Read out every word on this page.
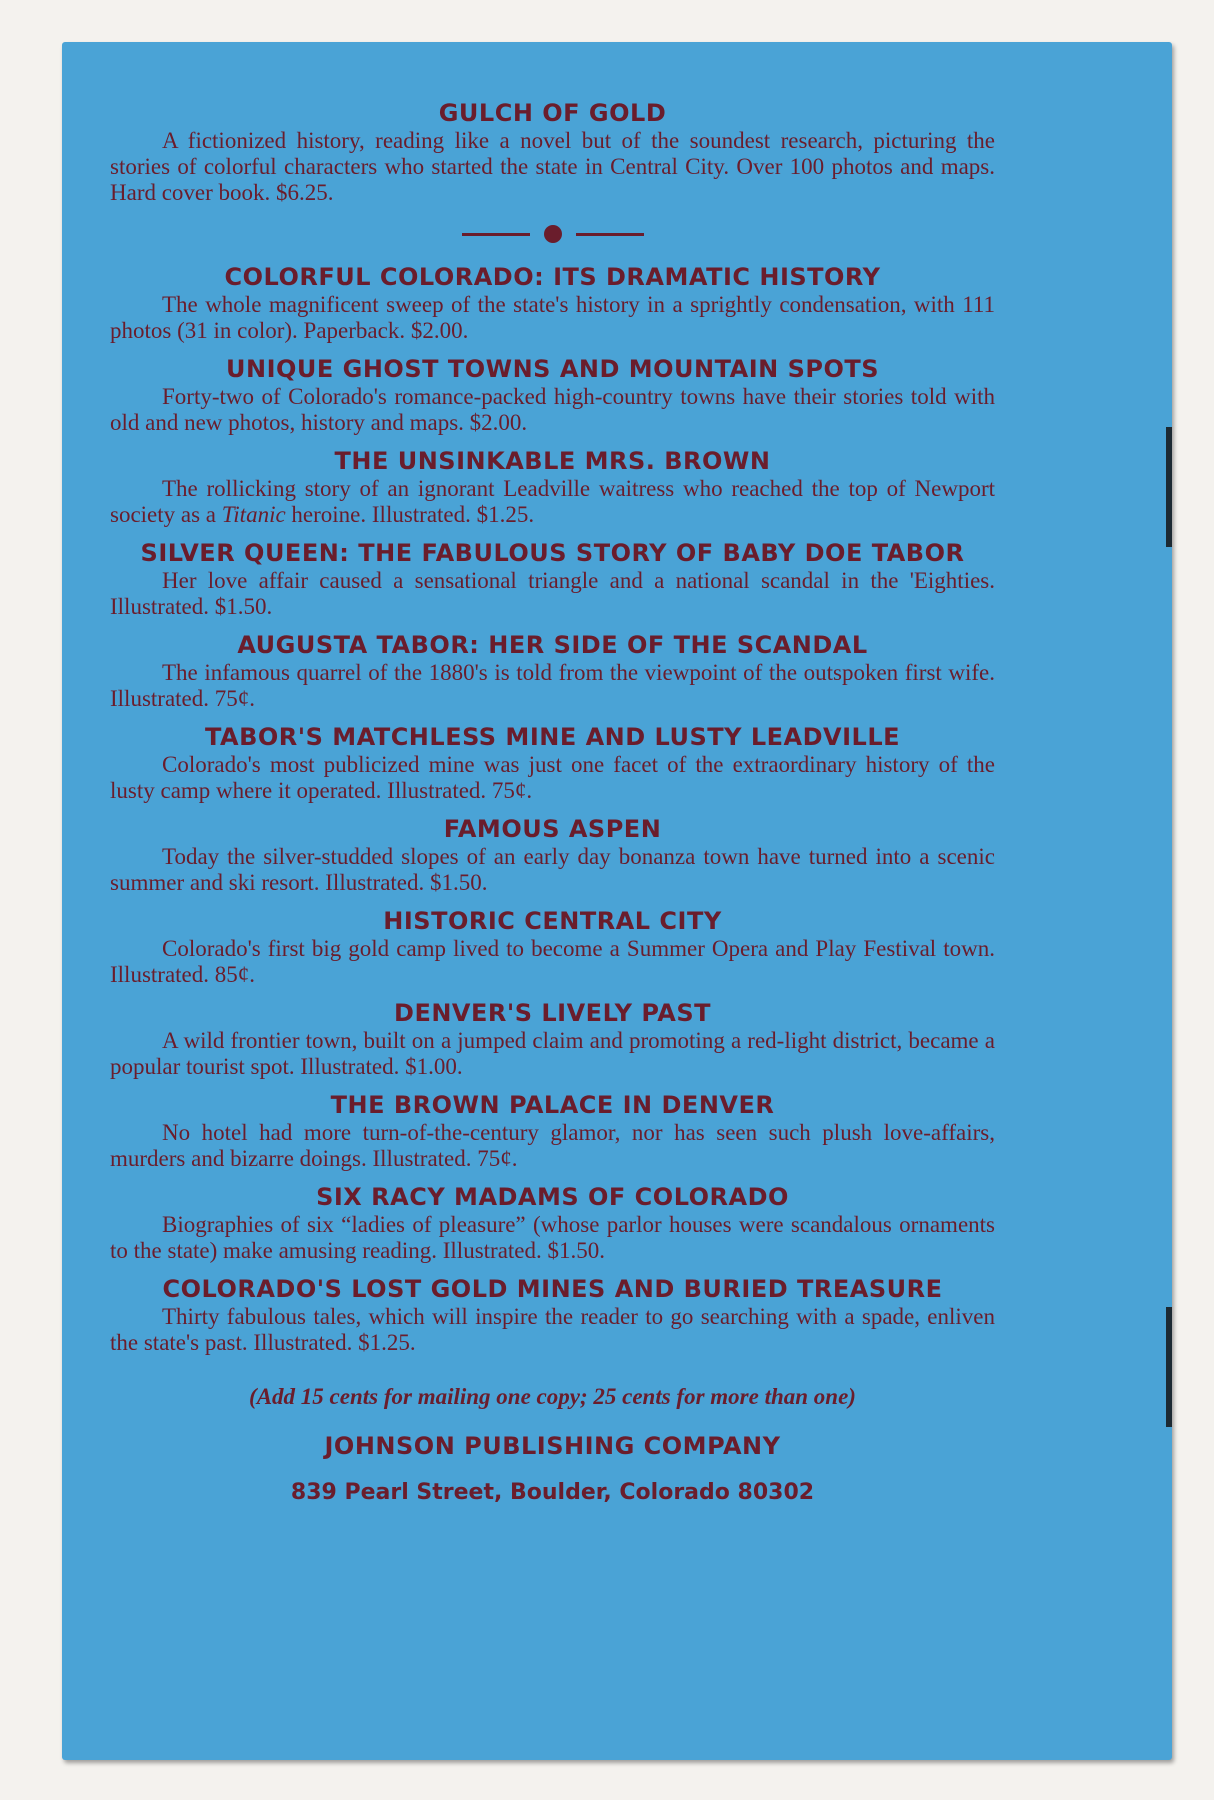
GULCH OF GOLD

A fictionized history, reading like a novel but of the soundest research, picturing the stories of colorful characters who started the state in Central City. Over 100 photos and maps. Hard cover book. $6.25.

COLORFUL COLORADO: ITS DRAMATIC HISTORY

The whole magnificent sweep of the state's history in a sprightly condensation, with 111 photos (31 in color). Paperback. $2.00.

UNIQUE GHOST TOWNS AND MOUNTAIN SPOTS

Forty-two of Colorado's romance-packed high-country towns have their stories told with old and new photos, history and maps. $2.00.

THE UNSINKABLE MRS. BROWN

The rollicking story of an ignorant Leadville waitress who reached the top of Newport society as a Titanic heroine. Illustrated. $1.25.

SILVER QUEEN: THE FABULOUS STORY OF BABY DOE TABOR

Her love affair caused a sensational triangle and a national scandal in the 'Eighties. Illustrated. $1.50.

AUGUSTA TABOR: HER SIDE OF THE SCANDAL

The infamous quarrel of the 1880's is told from the viewpoint of the outspoken first wife. Illustrated. 75¢.

TABOR'S MATCHLESS MINE AND LUSTY LEADVILLE

Colorado's most publicized mine was just one facet of the extraordinary history of the lusty camp where it operated. Illustrated. 75¢.

FAMOUS ASPEN

Today the silver-studded slopes of an early day bonanza town have turned into a scenic summer and ski resort. Illustrated. $1.50.

HISTORIC CENTRAL CITY

Colorado's first big gold camp lived to become a Summer Opera and Play Festival town. Illustrated. 85¢.

DENVER'S LIVELY PAST

A wild frontier town, built on a jumped claim and promoting a red-light district, became a popular tourist spot. Illustrated. $1.00.

THE BROWN PALACE IN DENVER

No hotel had more turn-of-the-century glamor, nor has seen such plush love-affairs, murders and bizarre doings. Illustrated. 75¢.

SIX RACY MADAMS OF COLORADO

Biographies of six “ladies of pleasure” (whose parlor houses were scandalous ornaments to the state) make amusing reading. Illustrated. $1.50.

COLORADO'S LOST GOLD MINES AND BURIED TREASURE

Thirty fabulous tales, which will inspire the reader to go searching with a spade, enliven the state's past. Illustrated. $1.25.

(Add 15 cents for mailing one copy; 25 cents for more than one)

JOHNSON PUBLISHING COMPANY

839 Pearl Street, Boulder, Colorado 80302
